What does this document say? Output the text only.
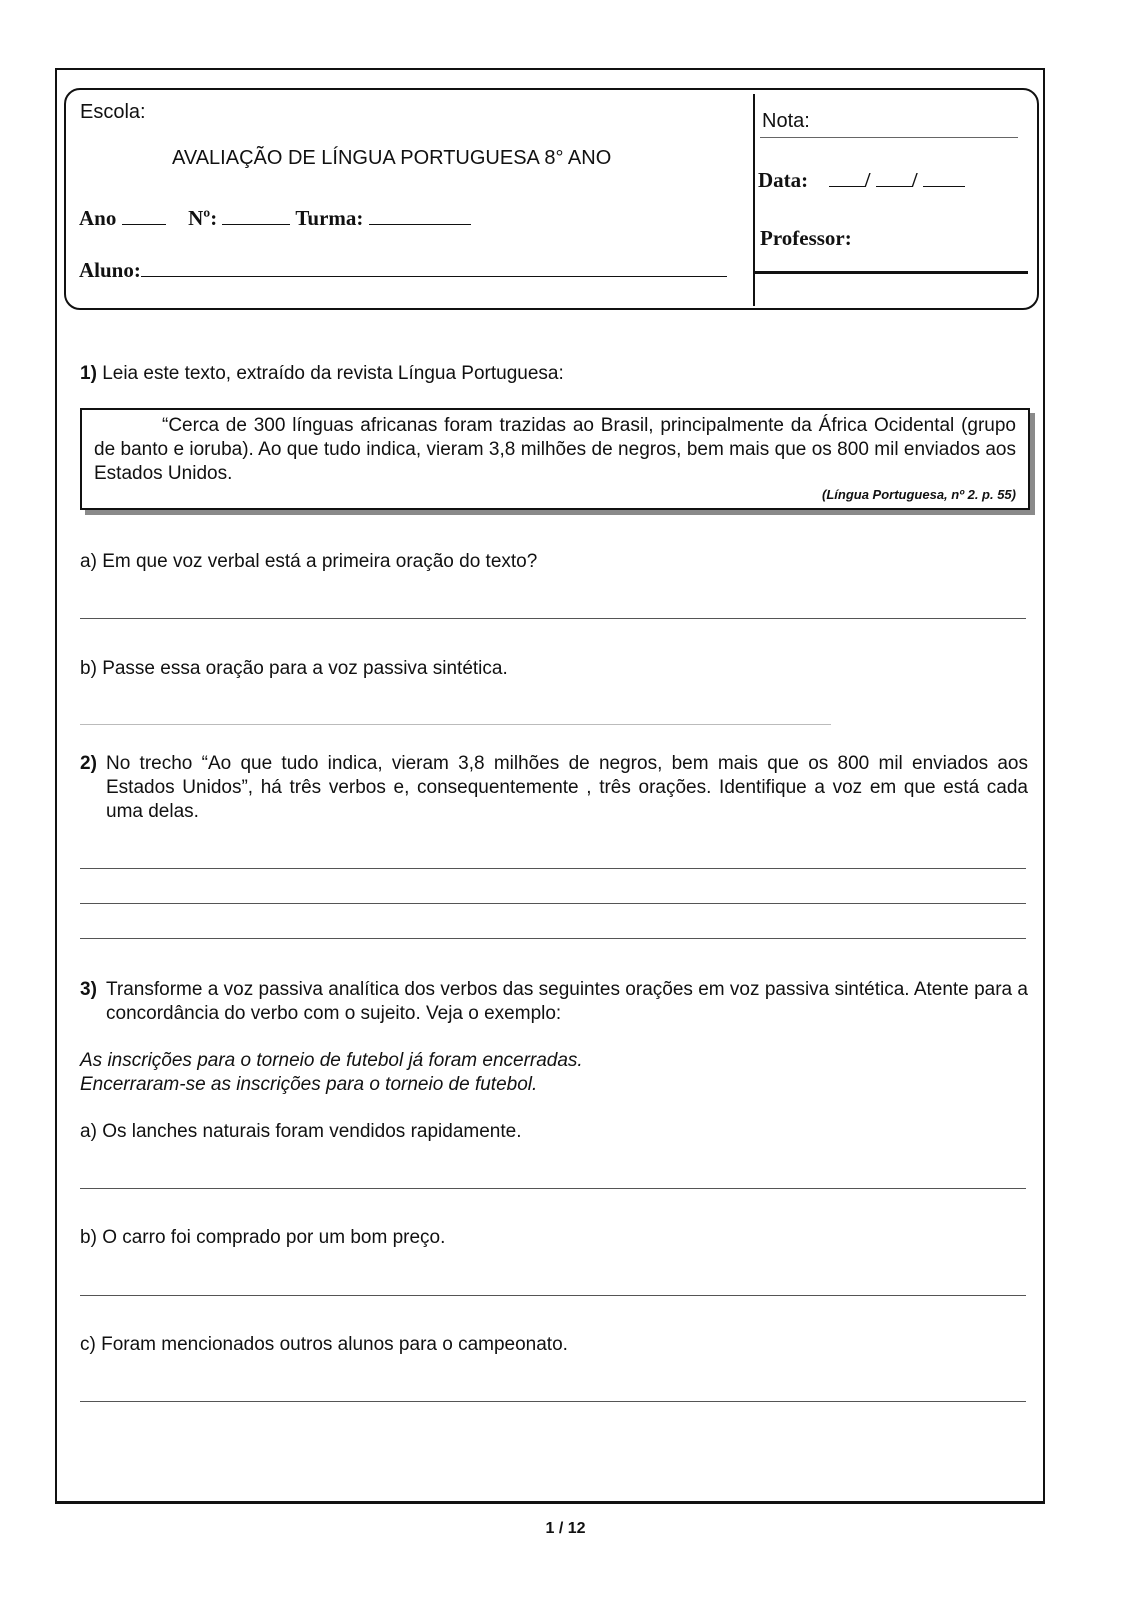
Escola:
AVALIAÇÃO DE LÍNGUA PORTUGUESA 8° ANO
Ano	Nº:	Turma:
Aluno:
Nota:
Data:	/ /
Professor:
1) Leia este texto, extraído da revista Língua Portuguesa:
“Cerca de 300 línguas africanas foram trazidas ao Brasil, principalmente da África Ocidental (grupo de banto e ioruba). Ao que tudo indica, vieram 3,8 milhões de negros, bem mais que os 800 mil enviados aos Estados Unidos.
(Língua Portuguesa, nº 2. p. 55)
a) Em que voz verbal está a primeira oração do texto?
b) Passe essa oração para a voz passiva sintética.
2) No trecho “Ao que tudo indica, vieram 3,8 milhões de negros, bem mais que os 800 mil enviados aos Estados Unidos”, há três verbos e, consequentemente , três orações. Identifique a voz em que está cada uma delas.
3) Transforme a voz passiva analítica dos verbos das seguintes orações em voz passiva sintética. Atente para a concordância do verbo com o sujeito. Veja o exemplo:
As inscrições para o torneio de futebol já foram encerradas.
Encerraram-se as inscrições para o torneio de futebol.
a) Os lanches naturais foram vendidos rapidamente.
b) O carro foi comprado por um bom preço.
c) Foram mencionados outros alunos para o campeonato.
1 / 12
